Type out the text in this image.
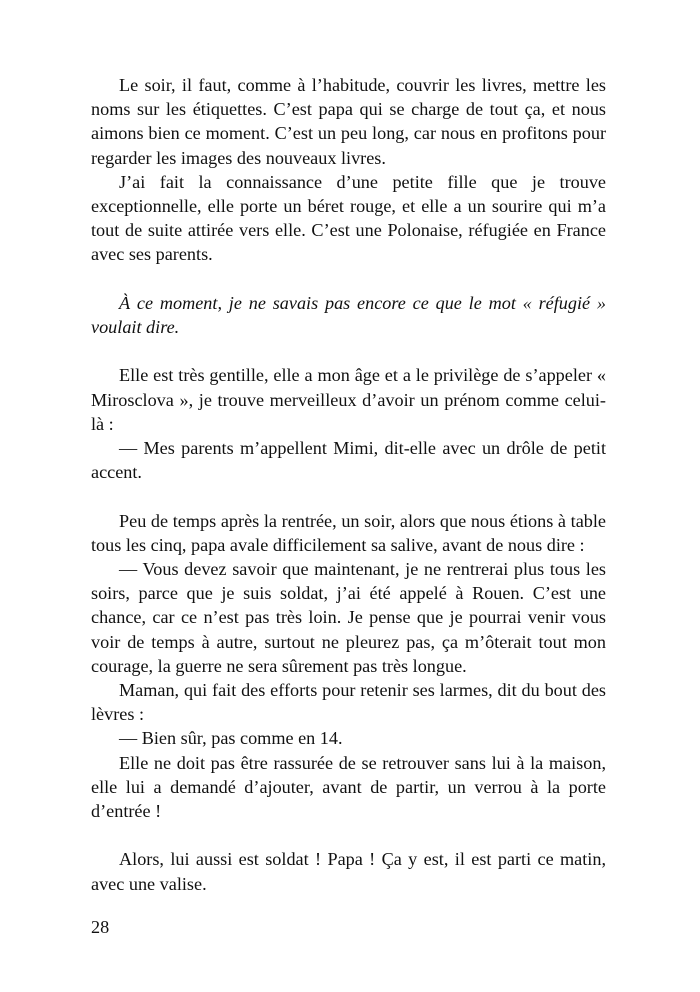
Le soir, il faut, comme à l’habitude, couvrir les livres, mettre les noms sur les étiquettes. C’est papa qui se charge de tout ça, et nous aimons bien ce moment. C’est un peu long, car nous en profitons pour regarder les images des nouveaux livres.

J’ai fait la connaissance d’une petite fille que je trouve exceptionnelle, elle porte un béret rouge, et elle a un sourire qui m’a tout de suite attirée vers elle. C’est une Polonaise, réfugiée en France avec ses parents.

À ce moment, je ne savais pas encore ce que le mot « réfugié » voulait dire.

Elle est très gentille, elle a mon âge et a le privilège de s’appeler « Mirosclova », je trouve merveilleux d’avoir un prénom comme celui-là :

— Mes parents m’appellent Mimi, dit-elle avec un drôle de petit accent.

Peu de temps après la rentrée, un soir, alors que nous étions à table tous les cinq, papa avale difficilement sa salive, avant de nous dire :

— Vous devez savoir que maintenant, je ne rentrerai plus tous les soirs, parce que je suis soldat, j’ai été appelé à Rouen. C’est une chance, car ce n’est pas très loin. Je pense que je pourrai venir vous voir de temps à autre, surtout ne pleurez pas, ça m’ôterait tout mon courage, la guerre ne sera sûrement pas très longue.

Maman, qui fait des efforts pour retenir ses larmes, dit du bout des lèvres :

— Bien sûr, pas comme en 14.

Elle ne doit pas être rassurée de se retrouver sans lui à la maison, elle lui a demandé d’ajouter, avant de partir, un verrou à la porte d’entrée !

Alors, lui aussi est soldat ! Papa ! Ça y est, il est parti ce matin, avec une valise.

28
